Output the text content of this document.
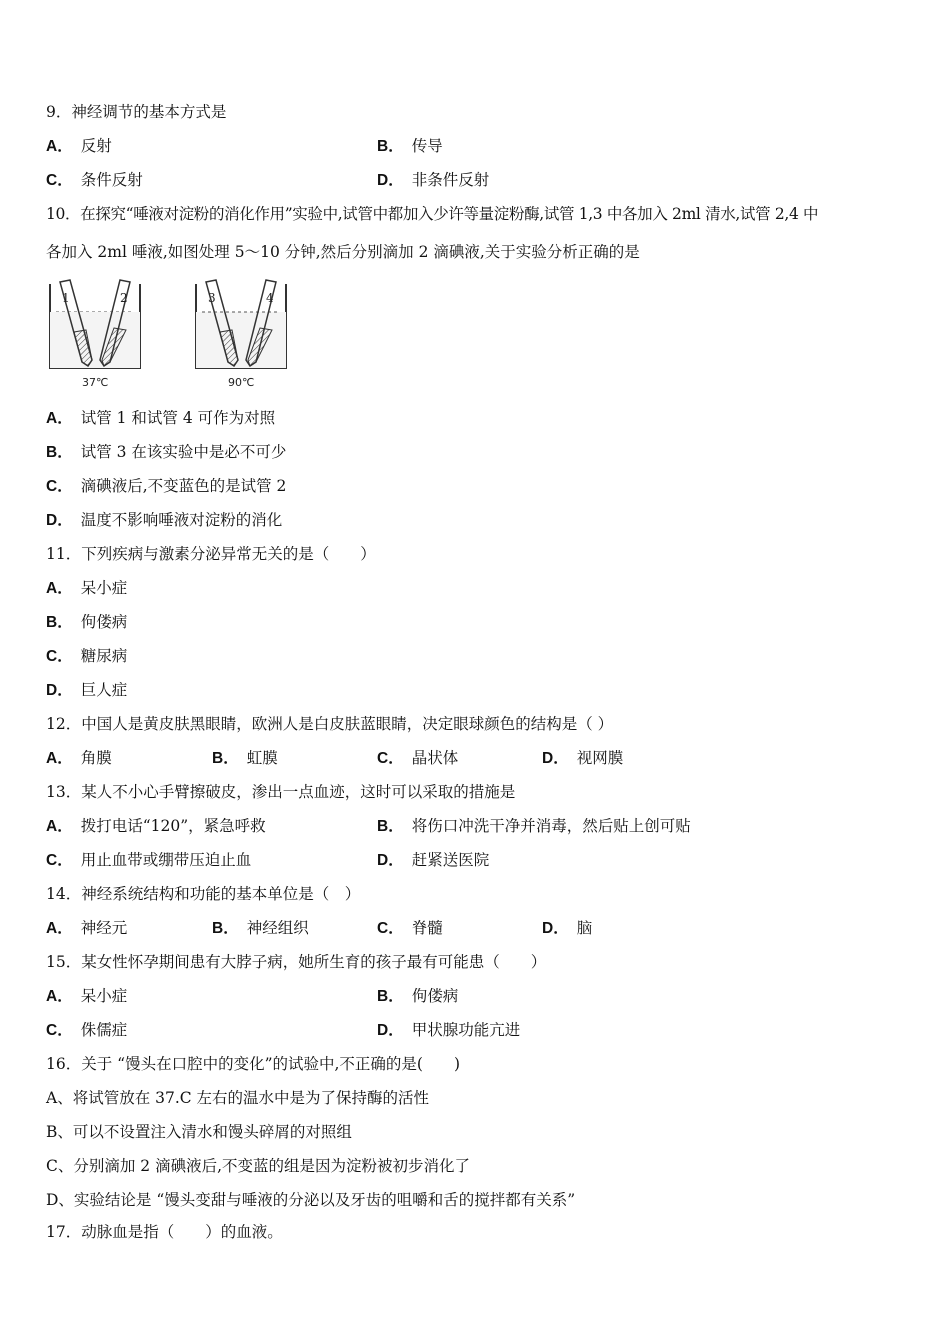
9．神经调节的基本方式是
A． 反射	B． 传导
C． 条件反射	D． 非条件反射
10．在探究“唾液对淀粉的消化作用”实验中,试管中都加入少许等量淀粉酶,试管 1,3 中各加入 2ml 清水,试管 2,4 中
各加入 2ml 唾液,如图处理 5～10 分钟,然后分别滴加 2 滴碘液,关于实验分析正确的是
1	2
37℃
3	4
90℃
A． 试管 1 和试管 4 可作为对照
B． 试管 3 在该实验中是必不可少
C． 滴碘液后,不变蓝色的是试管 2
D． 温度不影响唾液对淀粉的消化
11．下列疾病与激素分泌异常无关的是（　　）
A． 呆小症
B． 佝偻病
C． 糖尿病
D． 巨人症
12．中国人是黄皮肤黑眼睛，欧洲人是白皮肤蓝眼睛，决定眼球颜色的结构是（ ）
A． 角膜	B． 虹膜	C． 晶状体	D． 视网膜
13．某人不小心手臂擦破皮，渗出一点血迹，这时可以采取的措施是
A． 拨打电话“120”，紧急呼救	B． 将伤口冲洗干净并消毒，然后贴上创可贴
C． 用止血带或绷带压迫止血	D． 赶紧送医院
14．神经系统结构和功能的基本单位是（　）
A． 神经元	B． 神经组织	C． 脊髓	D． 脑
15．某女性怀孕期间患有大脖子病，她所生育的孩子最有可能患（　　）
A． 呆小症	B． 佝偻病
C． 侏儒症	D． 甲状腺功能亢进
16．关于 “馒头在口腔中的变化”的试验中,不正确的是(　　)
A、将试管放在 37.C 左右的温水中是为了保持酶的活性
B、可以不设置注入清水和馒头碎屑的对照组
C、分别滴加 2 滴碘液后,不变蓝的组是因为淀粉被初步消化了
D、实验结论是 “馒头变甜与唾液的分泌以及牙齿的咀嚼和舌的搅拌都有关系”
17．动脉血是指（　　）的血液。
